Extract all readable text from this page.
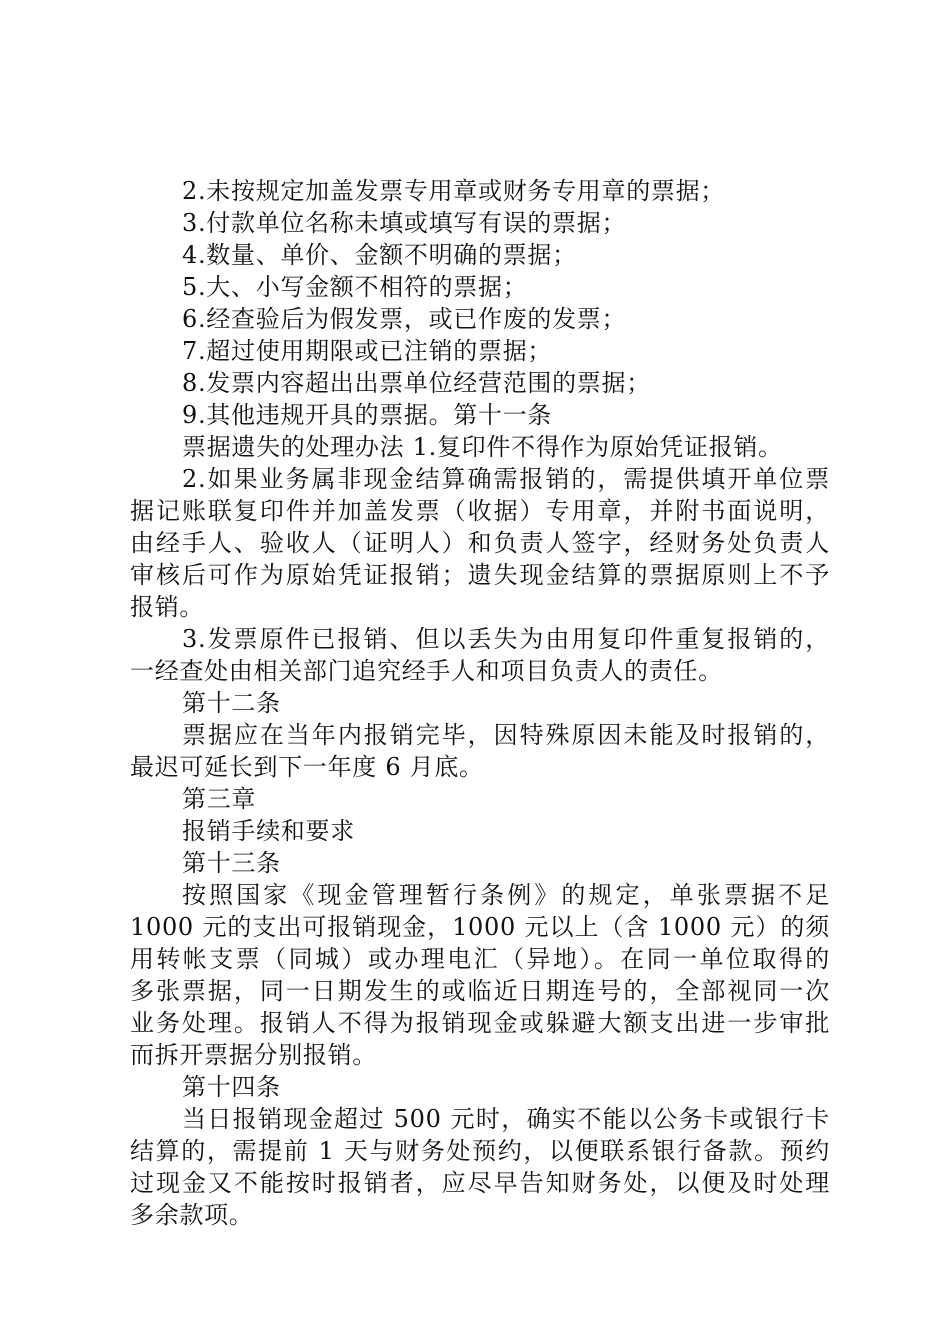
2.未按规定加盖发票专用章或财务专用章的票据；
3.付款单位名称未填或填写有误的票据；
4.数量、单价、金额不明确的票据；
5.大、小写金额不相符的票据；
6.经查验后为假发票，或已作废的发票；
7.超过使用期限或已注销的票据；
8.发票内容超出出票单位经营范围的票据；
9.其他违规开具的票据。第十一条
票据遗失的处理办法 1.复印件不得作为原始凭证报销。
2.如果业务属非现金结算确需报销的，需提供填开单位票
据记账联复印件并加盖发票（收据）专用章，并附书面说明，
由经手人、验收人（证明人）和负责人签字，经财务处负责人
审核后可作为原始凭证报销；遗失现金结算的票据原则上不予
报销。
3.发票原件已报销、但以丢失为由用复印件重复报销的，
一经查处由相关部门追究经手人和项目负责人的责任。
第十二条
票据应在当年内报销完毕，因特殊原因未能及时报销的，
最迟可延长到下一年度 6 月底。
第三章
报销手续和要求
第十三条
按照国家《现金管理暂行条例》的规定，单张票据不足
1000 元的支出可报销现金，1000 元以上（含 1000 元）的须
用转帐支票（同城）或办理电汇（异地）。在同一单位取得的
多张票据，同一日期发生的或临近日期连号的，全部视同一次
业务处理。报销人不得为报销现金或躲避大额支出进一步审批
而拆开票据分别报销。
第十四条
当日报销现金超过 500 元时，确实不能以公务卡或银行卡
结算的，需提前 1 天与财务处预约，以便联系银行备款。预约
过现金又不能按时报销者，应尽早告知财务处，以便及时处理
多余款项。
